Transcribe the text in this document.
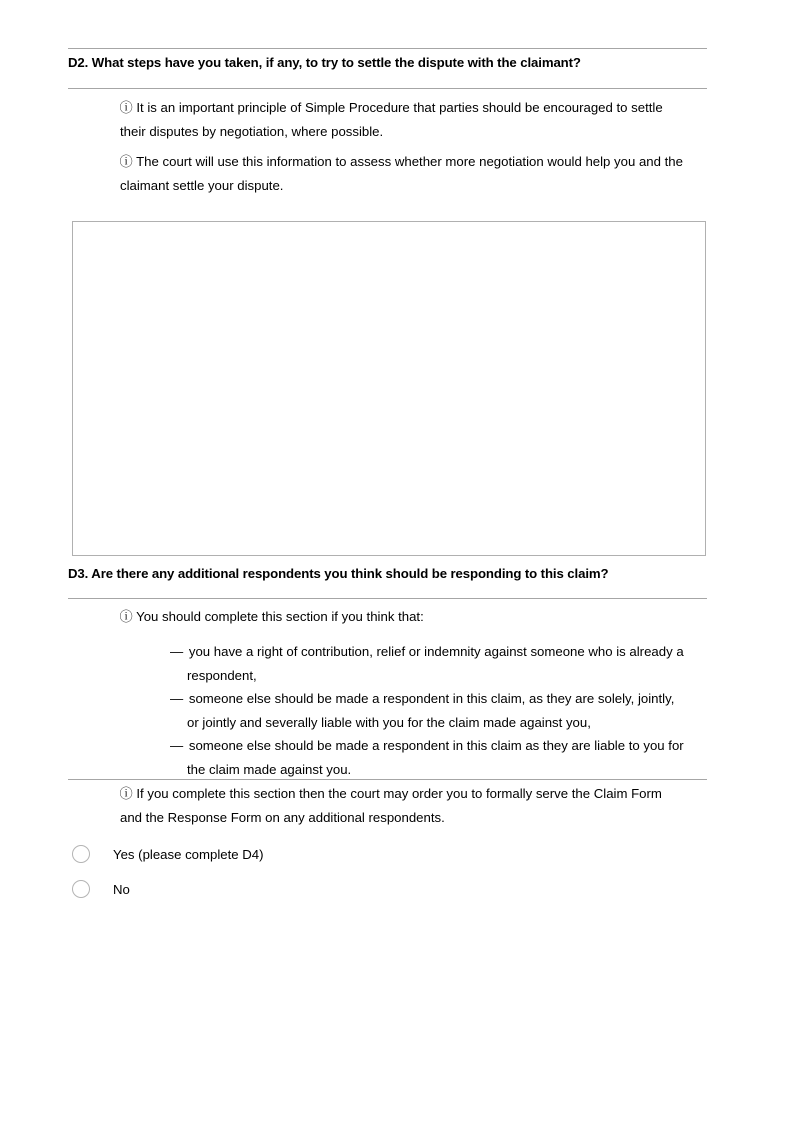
D2. What steps have you taken, if any, to try to settle the dispute with the claimant?
ⓘ It is an important principle of Simple Procedure that parties should be encouraged to settle their disputes by negotiation, where possible.
ⓘ The court will use this information to assess whether more negotiation would help you and the claimant settle your dispute.
D3. Are there any additional respondents you think should be responding to this claim?
ⓘ You should complete this section if you think that:
— you have a right of contribution, relief or indemnity against someone who is already a respondent,
— someone else should be made a respondent in this claim, as they are solely, jointly, or jointly and severally liable with you for the claim made against you,
— someone else should be made a respondent in this claim as they are liable to you for the claim made against you.
ⓘ If you complete this section then the court may order you to formally serve the Claim Form and the Response Form on any additional respondents.
Yes (please complete D4)
No
